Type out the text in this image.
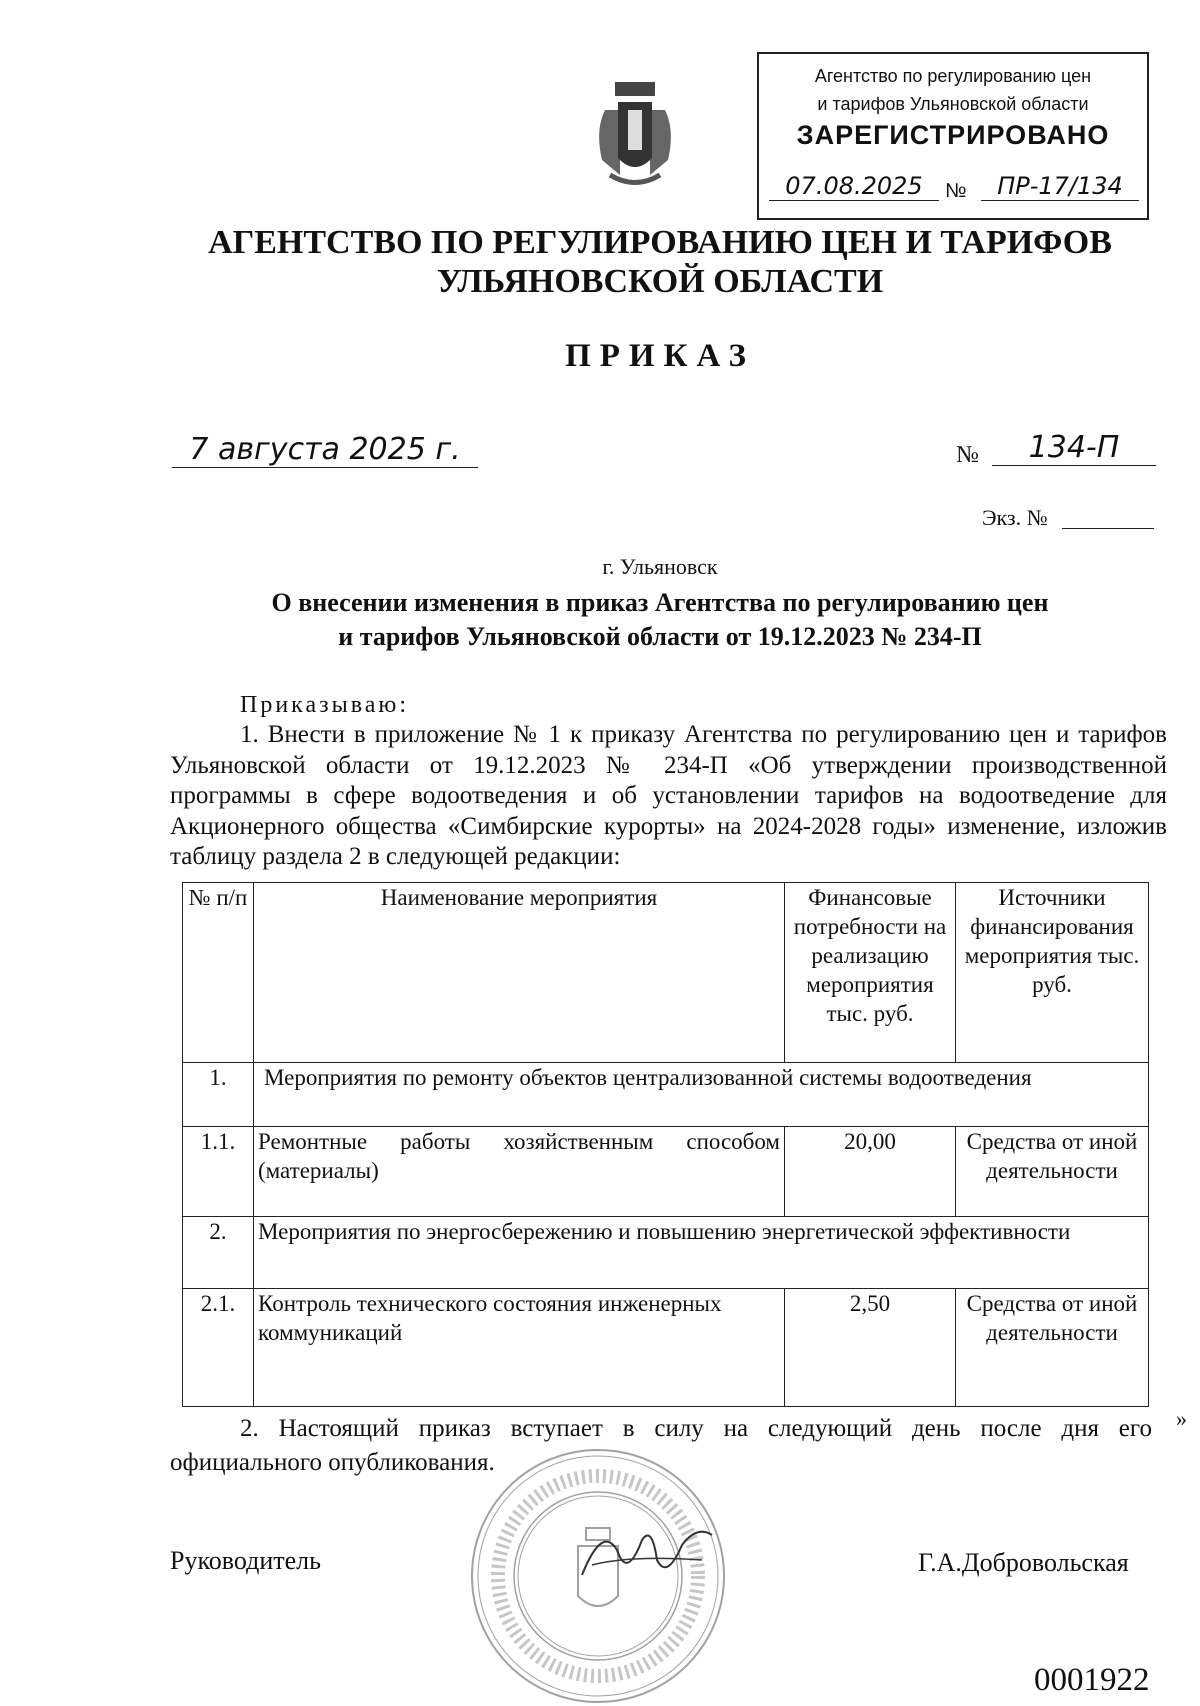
Агентство по регулированию цен
и тарифов Ульяновской области
ЗАРЕГИСТРИРОВАНО
07.08.2025	№	ПР-17/134
АГЕНТСТВО ПО РЕГУЛИРОВАНИЮ ЦЕН И ТАРИФОВ
УЛЬЯНОВСКОЙ ОБЛАСТИ
ПРИКАЗ
7 августа 2025 г.	№	134-П
Экз. №
г. Ульяновск
О внесении изменения в приказ Агентства по регулированию цен
и тарифов Ульяновской области от 19.12.2023 № 234-П
Приказываю:
1. Внести в приложение № 1 к приказу Агентства по регулированию цен и тарифов Ульяновской области от 19.12.2023 № 234-П «Об утверждении производственной программы в сфере водоотведения и об установлении тарифов на водоотведение для Акционерного общества «Симбирские курорты» на 2024-2028 годы» изменение, изложив таблицу раздела 2 в следующей редакции:
№ п/п	Наименование мероприятия	Финансовые потребности на реализацию мероприятия тыс. руб.	Источники финансирования мероприятия тыс. руб.
1.	Мероприятия по ремонту объектов централизованной системы водоотведения		
1.1.	Ремонтные работы хозяйственным способом (материалы)	20,00	Средства от иной деятельности
2.	Мероприятия по энергосбережению и повышению энергетической эффективности		
2.1.	Контроль технического состояния инженерных коммуникаций	2,50	Средства от иной деятельности
»
2. Настоящий приказ вступает в силу на следующий день после дня его официального опубликования.
Руководитель	Г.А.Добровольская
0001922
